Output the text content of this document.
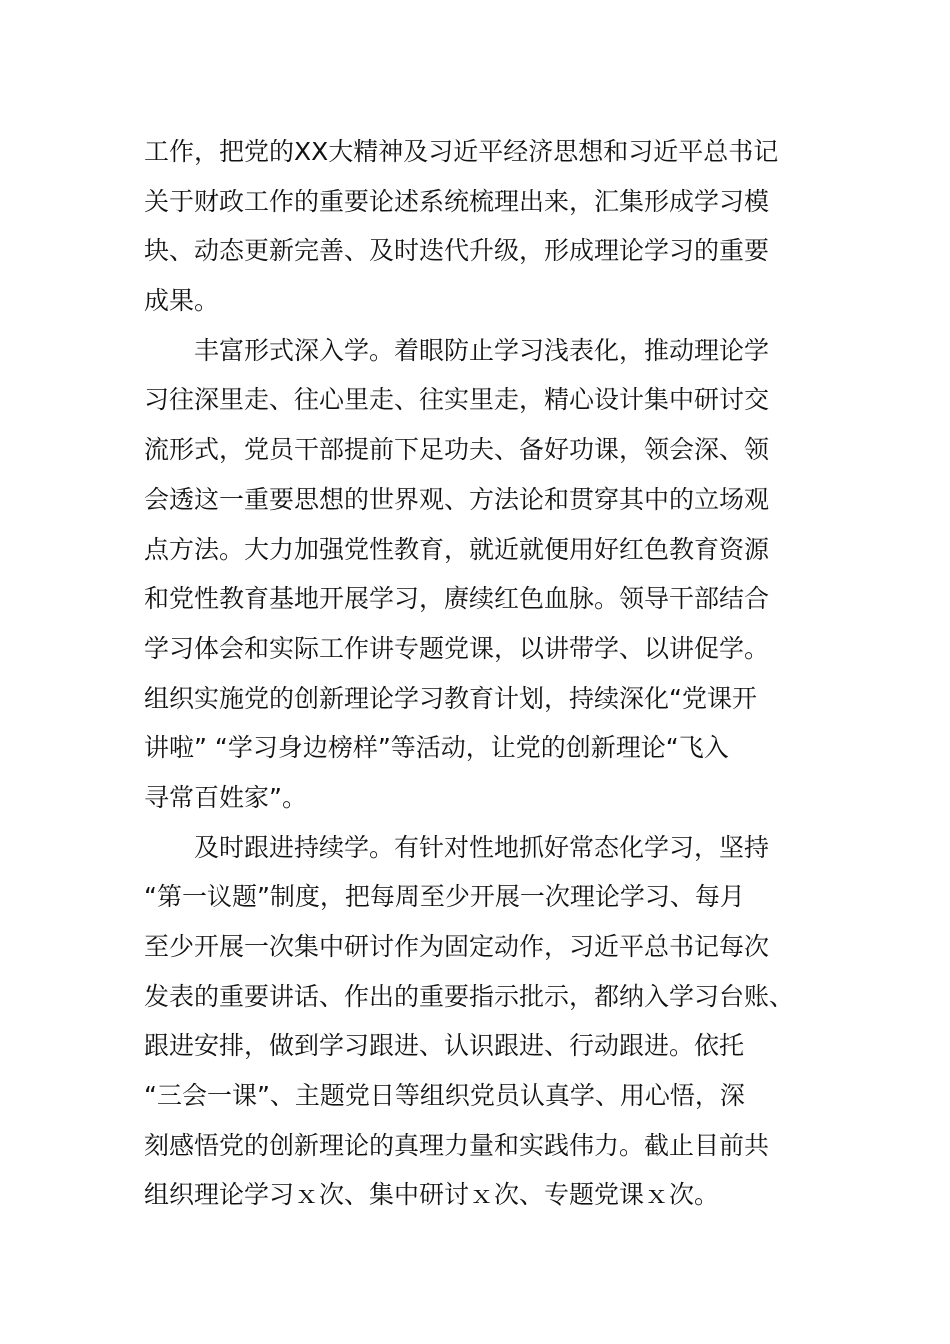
工作，把党的XX大精神及习近平经济思想和习近平总书记
关于财政工作的重要论述系统梳理出来，汇集形成学习模
块、动态更新完善、及时迭代升级，形成理论学习的重要
成果。
丰富形式深入学。着眼防止学习浅表化，推动理论学
习往深里走、往心里走、往实里走，精心设计集中研讨交
流形式，党员干部提前下足功夫、备好功课，领会深、领
会透这一重要思想的世界观、方法论和贯穿其中的立场观
点方法。大力加强党性教育，就近就便用好红色教育资源
和党性教育基地开展学习，赓续红色血脉。领导干部结合
学习体会和实际工作讲专题党课，以讲带学、以讲促学。
组织实施党的创新理论学习教育计划，持续深化“党课开
讲啦” “学习身边榜样”等活动，让党的创新理论“飞入
寻常百姓家”。
及时跟进持续学。有针对性地抓好常态化学习，坚持
“第一议题”制度，把每周至少开展一次理论学习、每月
至少开展一次集中研讨作为固定动作，习近平总书记每次
发表的重要讲话、作出的重要指示批示，都纳入学习台账、
跟进安排，做到学习跟进、认识跟进、行动跟进。依托
“三会一课”、主题党日等组织党员认真学、用心悟，深
刻感悟党的创新理论的真理力量和实践伟力。截止目前共
组织理论学习ｘ次、集中研讨ｘ次、专题党课ｘ次。
